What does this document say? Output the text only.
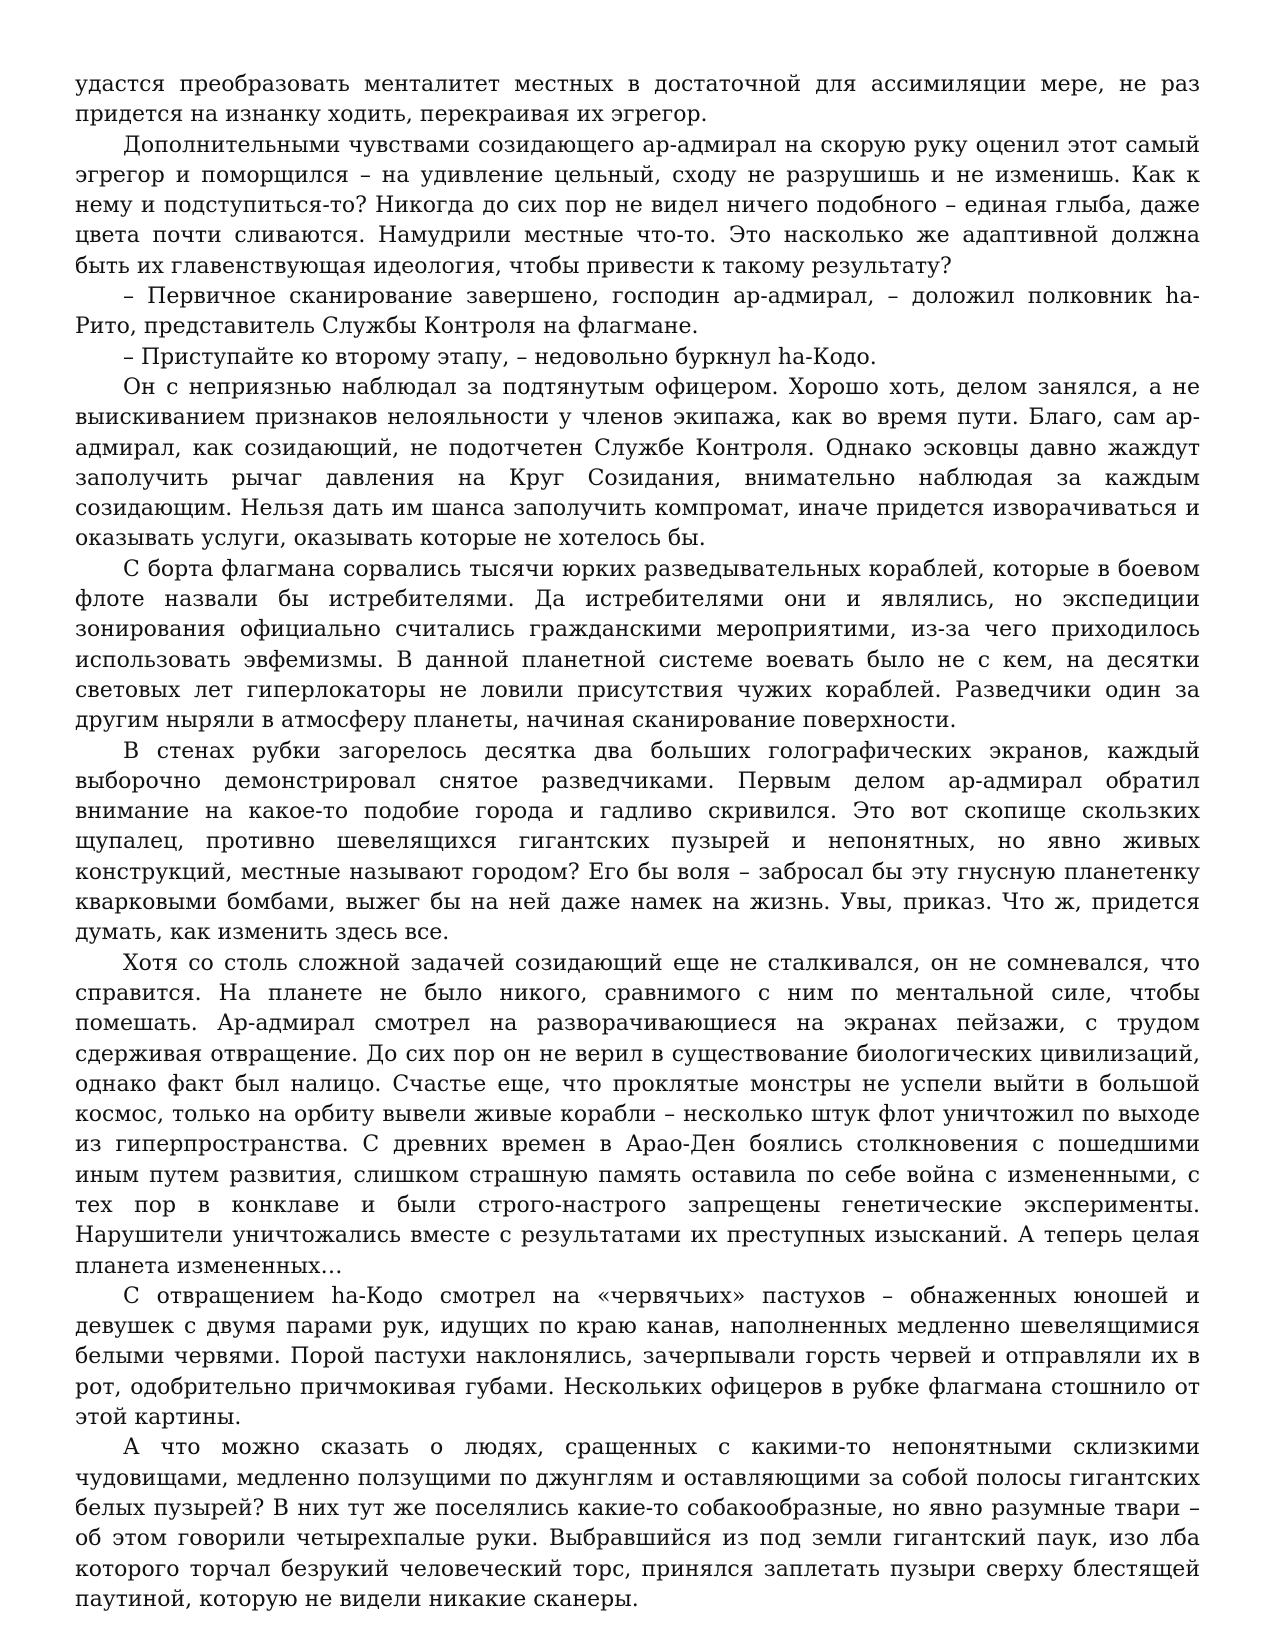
удастся преобразовать менталитет местных в достаточной для ассимиляции мере, не раз придется на изнанку ходить, перекраивая их эгрегор.

Дополнительными чувствами созидающего ар-адмирал на скорую руку оценил этот самый эгрегор и поморщился – на удивление цельный, сходу не разрушишь и не изменишь. Как к нему и подступиться-то? Никогда до сих пор не видел ничего подобного – единая глыба, даже цвета почти сливаются. Намудрили местные что-то. Это насколько же адаптивной должна быть их главенствующая идеология, чтобы привести к такому результату?

– Первичное сканирование завершено, господин ар-адмирал, – доложил полковник ha-Рито, представитель Службы Контроля на флагмане.

– Приступайте ко второму этапу, – недовольно буркнул ha-Кодо.

Он с неприязнью наблюдал за подтянутым офицером. Хорошо хоть, делом занялся, а не выискиванием признаков нелояльности у членов экипажа, как во время пути. Благо, сам ар-адмирал, как созидающий, не подотчетен Службе Контроля. Однако эсковцы давно жаждут заполучить рычаг давления на Круг Созидания, внимательно наблюдая за каждым созидающим. Нельзя дать им шанса заполучить компромат, иначе придется изворачиваться и оказывать услуги, оказывать которые не хотелось бы.

С борта флагмана сорвались тысячи юрких разведывательных кораблей, которые в боевом флоте назвали бы истребителями. Да истребителями они и являлись, но экспедиции зонирования официально считались гражданскими мероприятими, из-за чего приходилось использовать эвфемизмы. В данной планетной системе воевать было не с кем, на десятки световых лет гиперлокаторы не ловили присутствия чужих кораблей. Разведчики один за другим ныряли в атмосферу планеты, начиная сканирование поверхности.

В стенах рубки загорелось десятка два больших голографических экранов, каждый выборочно демонстрировал снятое разведчиками. Первым делом ар-адмирал обратил внимание на какое-то подобие города и гадливо скривился. Это вот скопище скользких щупалец, противно шевелящихся гигантских пузырей и непонятных, но явно живых конструкций, местные называют городом? Его бы воля – забросал бы эту гнусную планетенку кварковыми бомбами, выжег бы на ней даже намек на жизнь. Увы, приказ. Что ж, придется думать, как изменить здесь все.

Хотя со столь сложной задачей созидающий еще не сталкивался, он не сомневался, что справится. На планете не было никого, сравнимого с ним по ментальной силе, чтобы помешать. Ар-адмирал смотрел на разворачивающиеся на экранах пейзажи, с трудом сдерживая отвращение. До сих пор он не верил в существование биологических цивилизаций, однако факт был налицо. Счастье еще, что проклятые монстры не успели выйти в большой космос, только на орбиту вывели живые корабли – несколько штук флот уничтожил по выходе из гиперпространства. С древних времен в Арао-Ден боялись столкновения с пошедшими иным путем развития, слишком страшную память оставила по себе война с измененными, с тех пор в конклаве и были строго-настрого запрещены генетические эксперименты. Нарушители уничтожались вместе с результатами их преступных изысканий. А теперь целая планета измененных…

С отвращением ha-Кодо смотрел на «червячьих» пастухов – обнаженных юношей и девушек с двумя парами рук, идущих по краю канав, наполненных медленно шевелящимися белыми червями. Порой пастухи наклонялись, зачерпывали горсть червей и отправляли их в рот, одобрительно причмокивая губами. Нескольких офицеров в рубке флагмана стошнило от этой картины.

А что можно сказать о людях, сращенных с какими-то непонятными склизкими чудовищами, медленно ползущими по джунглям и оставляющими за собой полосы гигантских белых пузырей? В них тут же поселялись какие-то собакообразные, но явно разумные твари – об этом говорили четырехпалые руки. Выбравшийся из под земли гигантский паук, изо лба которого торчал безрукий человеческий торс, принялся заплетать пузыри сверху блестящей паутиной, которую не видели никакие сканеры.
